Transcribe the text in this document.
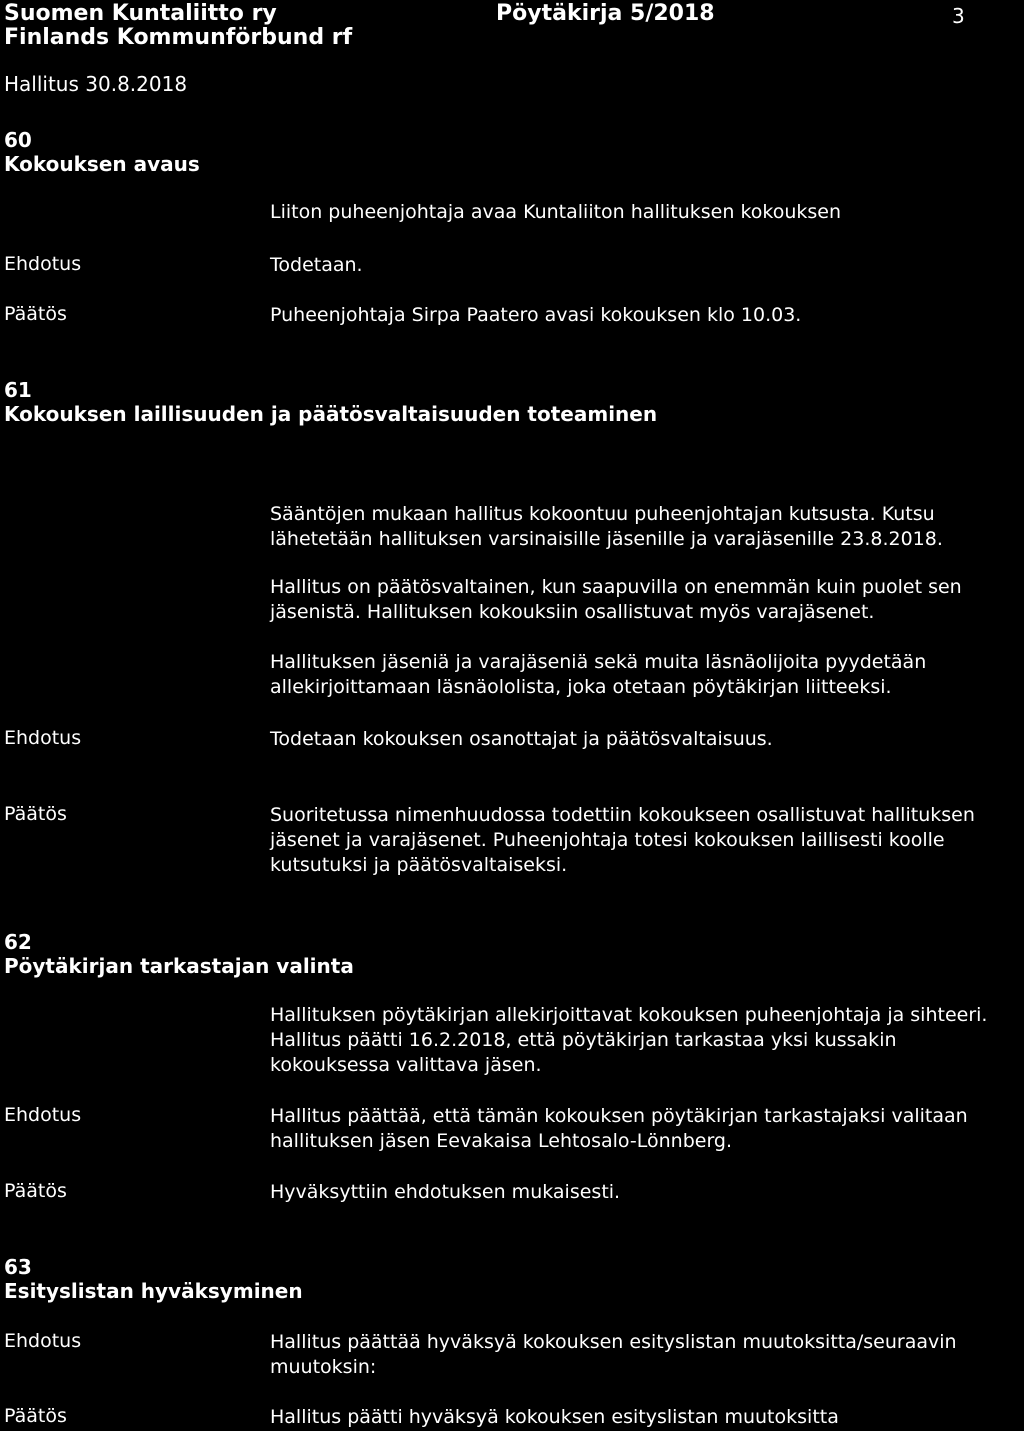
Suomen Kuntaliitto ry
Finlands Kommunförbund rf
Pöytäkirja 5/2018	3
Hallitus 30.8.2018
60
Kokouksen avaus
Liiton puheenjohtaja avaa Kuntaliiton hallituksen kokouksen
Ehdotus	Todetaan.
Päätös	Puheenjohtaja Sirpa Paatero avasi kokouksen klo 10.03.
61
Kokouksen laillisuuden ja päätösvaltaisuuden toteaminen
Sääntöjen mukaan hallitus kokoontuu puheenjohtajan kutsusta. Kutsu lähetetään hallituksen varsinaisille jäsenille ja varajäsenille 23.8.2018.
Hallitus on päätösvaltainen, kun saapuvilla on enemmän kuin puolet sen jäsenistä. Hallituksen kokouksiin osallistuvat myös varajäsenet.
Hallituksen jäseniä ja varajäseniä sekä muita läsnäolijoita pyydetään allekirjoittamaan läsnäololista, joka otetaan pöytäkirjan liitteeksi.
Ehdotus	Todetaan kokouksen osanottajat ja päätösvaltaisuus.
Päätös	Suoritetussa nimenhuudossa todettiin kokoukseen osallistuvat hallituksen jäsenet ja varajäsenet. Puheenjohtaja totesi kokouksen laillisesti koolle kutsutuksi ja päätösvaltaiseksi.
62
Pöytäkirjan tarkastajan valinta
Hallituksen pöytäkirjan allekirjoittavat kokouksen puheenjohtaja ja sihteeri. Hallitus päätti 16.2.2018, että pöytäkirjan tarkastaa yksi kussakin kokouksessa valittava jäsen.
Ehdotus	Hallitus päättää, että tämän kokouksen pöytäkirjan tarkastajaksi valitaan hallituksen jäsen Eevakaisa Lehtosalo-Lönnberg.
Päätös	Hyväksyttiin ehdotuksen mukaisesti.
63
Esityslistan hyväksyminen
Ehdotus	Hallitus päättää hyväksyä kokouksen esityslistan muutoksitta/seuraavin muutoksin:
Päätös	Hallitus päätti hyväksyä kokouksen esityslistan muutoksitta
